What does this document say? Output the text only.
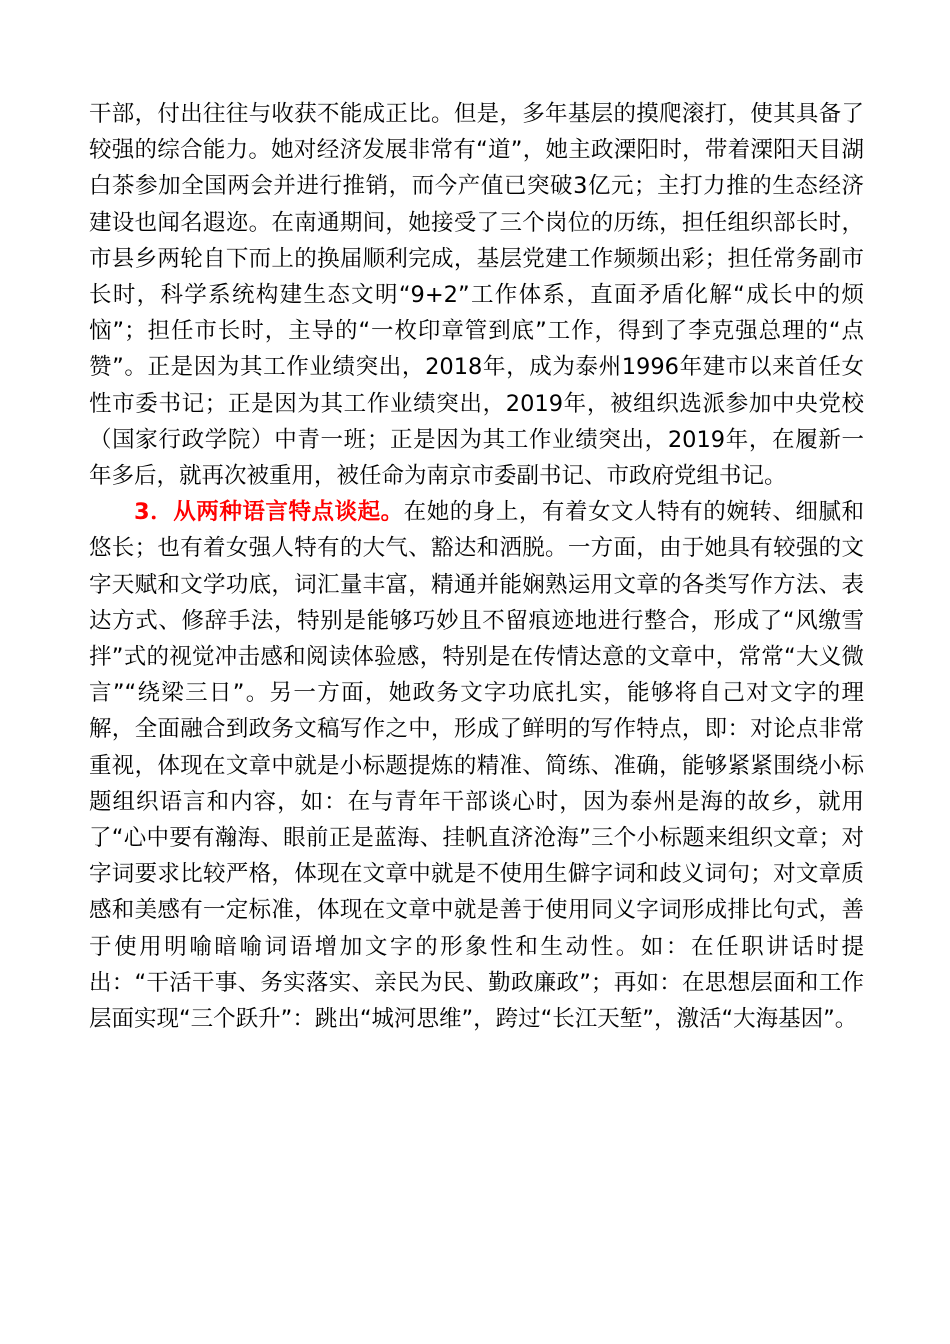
干部，付出往往与收获不能成正比。但是，多年基层的摸爬滚打，使其具备了较强的综合能力。她对经济发展非常有“道”，她主政溧阳时，带着溧阳天目湖白茶参加全国两会并进行推销，而今产值已突破3亿元；主打力推的生态经济建设也闻名遐迩。在南通期间，她接受了三个岗位的历练，担任组织部长时，市县乡两轮自下而上的换届顺利完成，基层党建工作频频出彩；担任常务副市长时，科学系统构建生态文明“9+2”工作体系，直面矛盾化解“成长中的烦恼”；担任市长时，主导的“一枚印章管到底”工作，得到了李克强总理的“点赞”。正是因为其工作业绩突出，2018年，成为泰州1996年建市以来首任女性市委书记；正是因为其工作业绩突出，2019年，被组织选派参加中央党校（国家行政学院）中青一班；正是因为其工作业绩突出，2019年，在履新一年多后，就再次被重用，被任命为南京市委副书记、市政府党组书记。

3．从两种语言特点谈起。在她的身上，有着女文人特有的婉转、细腻和悠长；也有着女强人特有的大气、豁达和洒脱。一方面，由于她具有较强的文字天赋和文学功底，词汇量丰富，精通并能娴熟运用文章的各类写作方法、表达方式、修辞手法，特别是能够巧妙且不留痕迹地进行整合，形成了“风缴雪拌”式的视觉冲击感和阅读体验感，特别是在传情达意的文章中，常常“大义微言”“绕梁三日”。另一方面，她政务文字功底扎实，能够将自己对文字的理解，全面融合到政务文稿写作之中，形成了鲜明的写作特点，即：对论点非常重视，体现在文章中就是小标题提炼的精准、简练、准确，能够紧紧围绕小标题组织语言和内容，如：在与青年干部谈心时，因为泰州是海的故乡，就用了“心中要有瀚海、眼前正是蓝海、挂帆直济沧海”三个小标题来组织文章；对字词要求比较严格，体现在文章中就是不使用生僻字词和歧义词句；对文章质感和美感有一定标准，体现在文章中就是善于使用同义字词形成排比句式，善于使用明喻暗喻词语增加文字的形象性和生动性。如：在任职讲话时提出：“干活干事、务实落实、亲民为民、勤政廉政”；再如：在思想层面和工作层面实现“三个跃升”：跳出“城河思维”，跨过“长江天堑”，激活“大海基因”。
